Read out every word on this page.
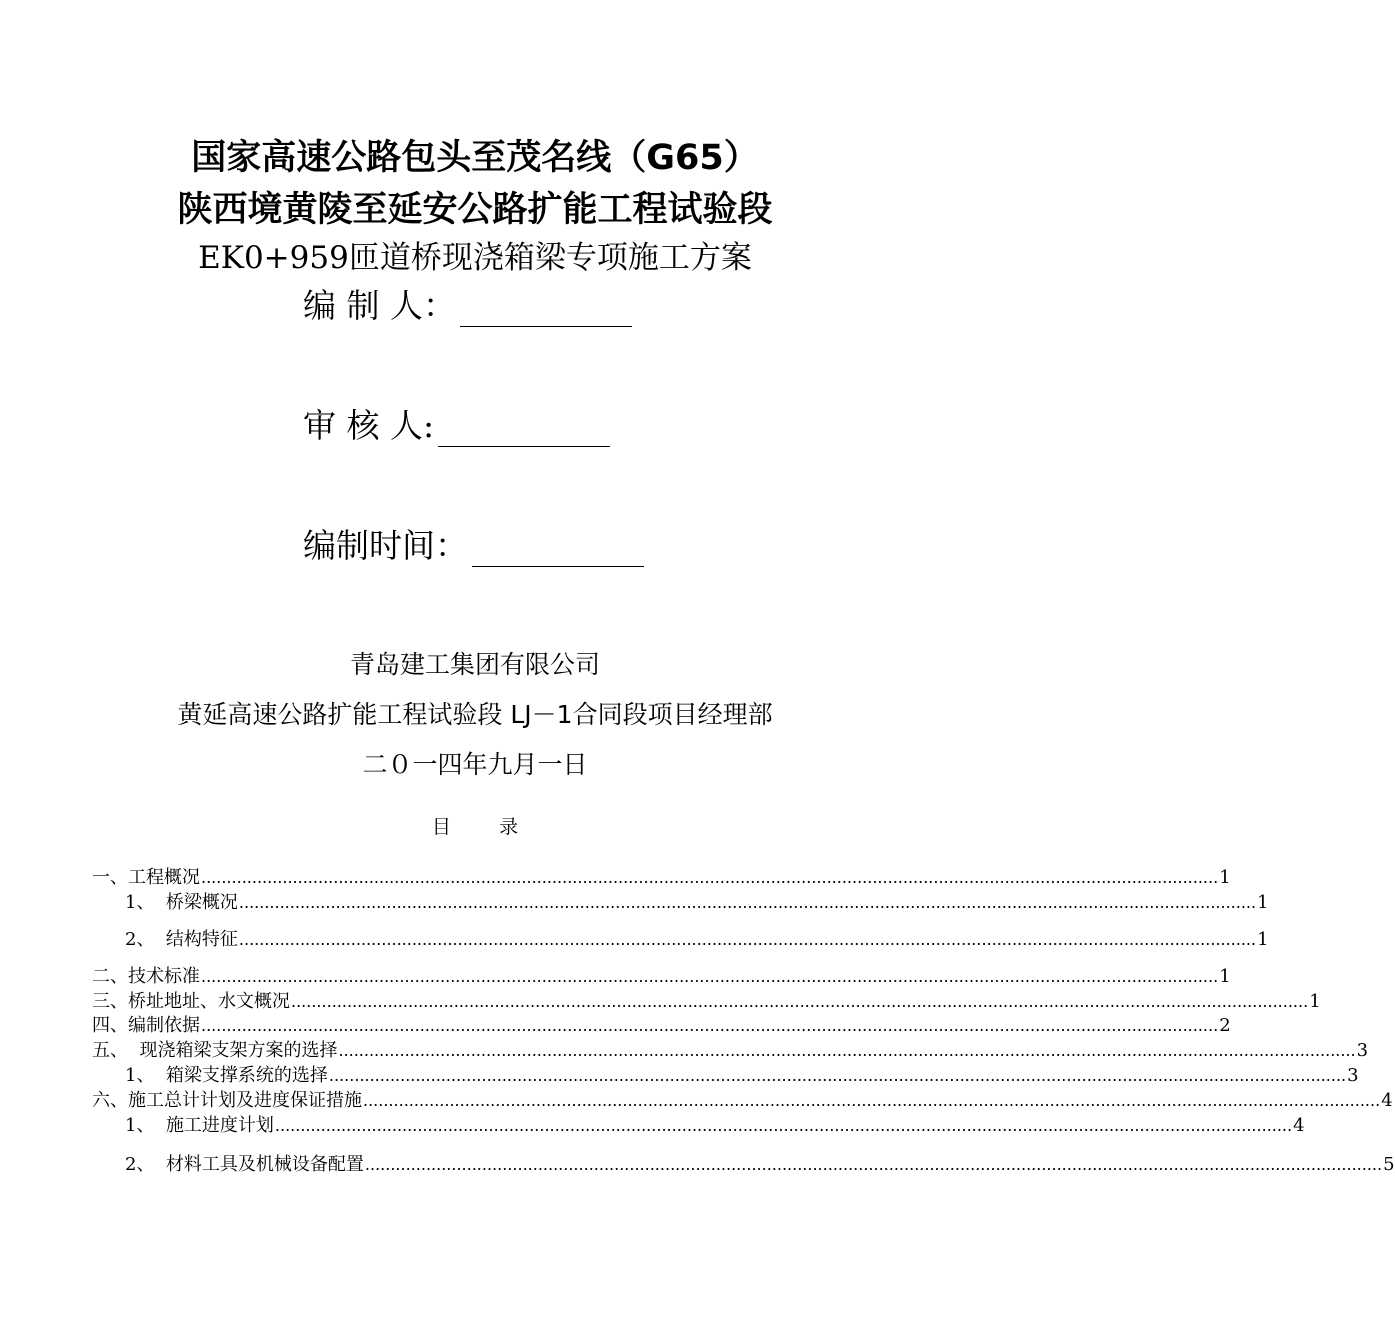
国家高速公路包头至茂名线（G65）
陕西境黄陵至延安公路扩能工程试验段
EK0+959匝道桥现浇箱梁专项施工方案
编 制 人：
审 核 人:
编制时间：
青岛建工集团有限公司
黄延高速公路扩能工程试验段 LJ－1合同段项目经理部
二０一四年九月一日
目        录
一、工程概况 ........................................................................................................................................................................................................ 1
1、  桥梁概况 ........................................................................................................................................................................................................ 1
2、  结构特征 ........................................................................................................................................................................................................ 1
二、技术标准 ........................................................................................................................................................................................................ 1
三、桥址地址、水文概况 ........................................................................................................................................................................................................ 1
四、编制依据 ........................................................................................................................................................................................................ 2
五、  现浇箱梁支架方案的选择 ........................................................................................................................................................................................................ 3
1、  箱梁支撑系统的选择 ........................................................................................................................................................................................................ 3
六、施工总计计划及进度保证措施 ........................................................................................................................................................................................................ 4
1、  施工进度计划 ........................................................................................................................................................................................................ 4
2、  材料工具及机械设备配置 ........................................................................................................................................................................................................ 5
